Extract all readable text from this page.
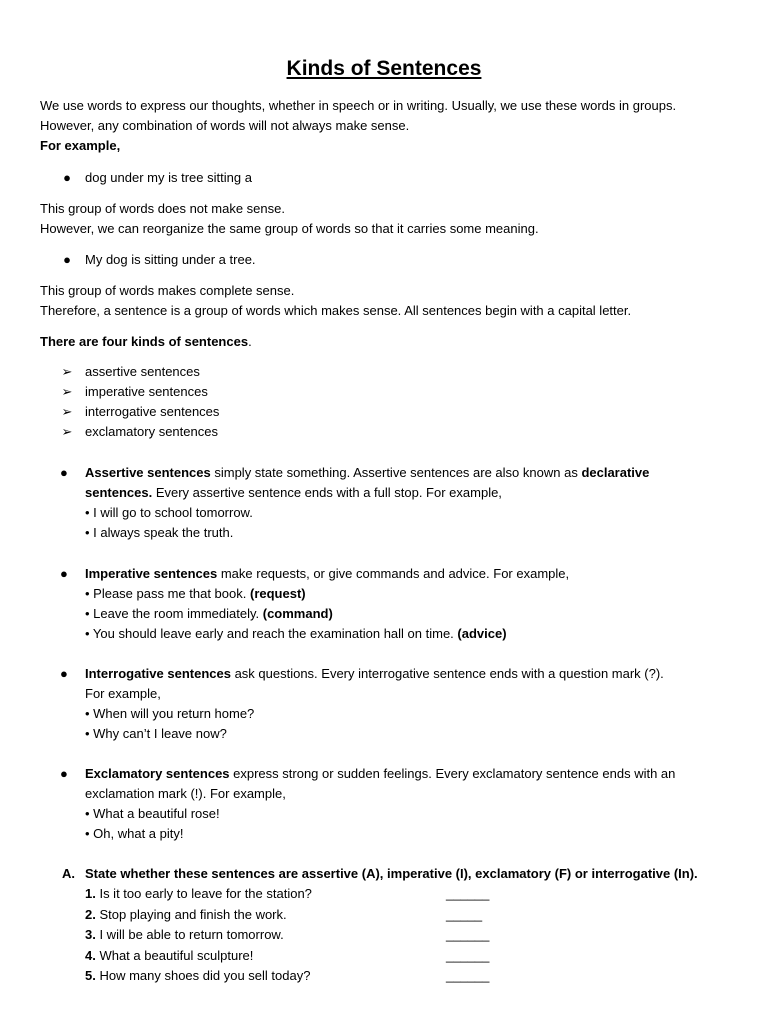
Kinds of Sentences
We use words to express our thoughts, whether in speech or in writing. Usually, we use these words in groups.
However, any combination of words will not always make sense.
For example,
● dog under my is tree sitting a
This group of words does not make sense.
However, we can reorganize the same group of words so that it carries some meaning.
● My dog is sitting under a tree.
This group of words makes complete sense.
Therefore, a sentence is a group of words which makes sense. All sentences begin with a capital letter.
There are four kinds of sentences.
➢ assertive sentences
➢ imperative sentences
➢ interrogative sentences
➢ exclamatory sentences
● Assertive sentences simply state something. Assertive sentences are also known as declarative
sentences. Every assertive sentence ends with a full stop. For example,
• I will go to school tomorrow.
• I always speak the truth.
● Imperative sentences make requests, or give commands and advice. For example,
• Please pass me that book. (request)
• Leave the room immediately. (command)
• You should leave early and reach the examination hall on time. (advice)
● Interrogative sentences ask questions. Every interrogative sentence ends with a question mark (?).
For example,
• When will you return home?
• Why can’t I leave now?
● Exclamatory sentences express strong or sudden feelings. Every exclamatory sentence ends with an
exclamation mark (!). For example,
• What a beautiful rose!
• Oh, what a pity!
A. State whether these sentences are assertive (A), imperative (I), exclamatory (F) or interrogative (In).
1. Is it too early to leave for the station?	______
2. Stop playing and finish the work.	_____
3. I will be able to return tomorrow.	______
4. What a beautiful sculpture!	______
5. How many shoes did you sell today?	______
